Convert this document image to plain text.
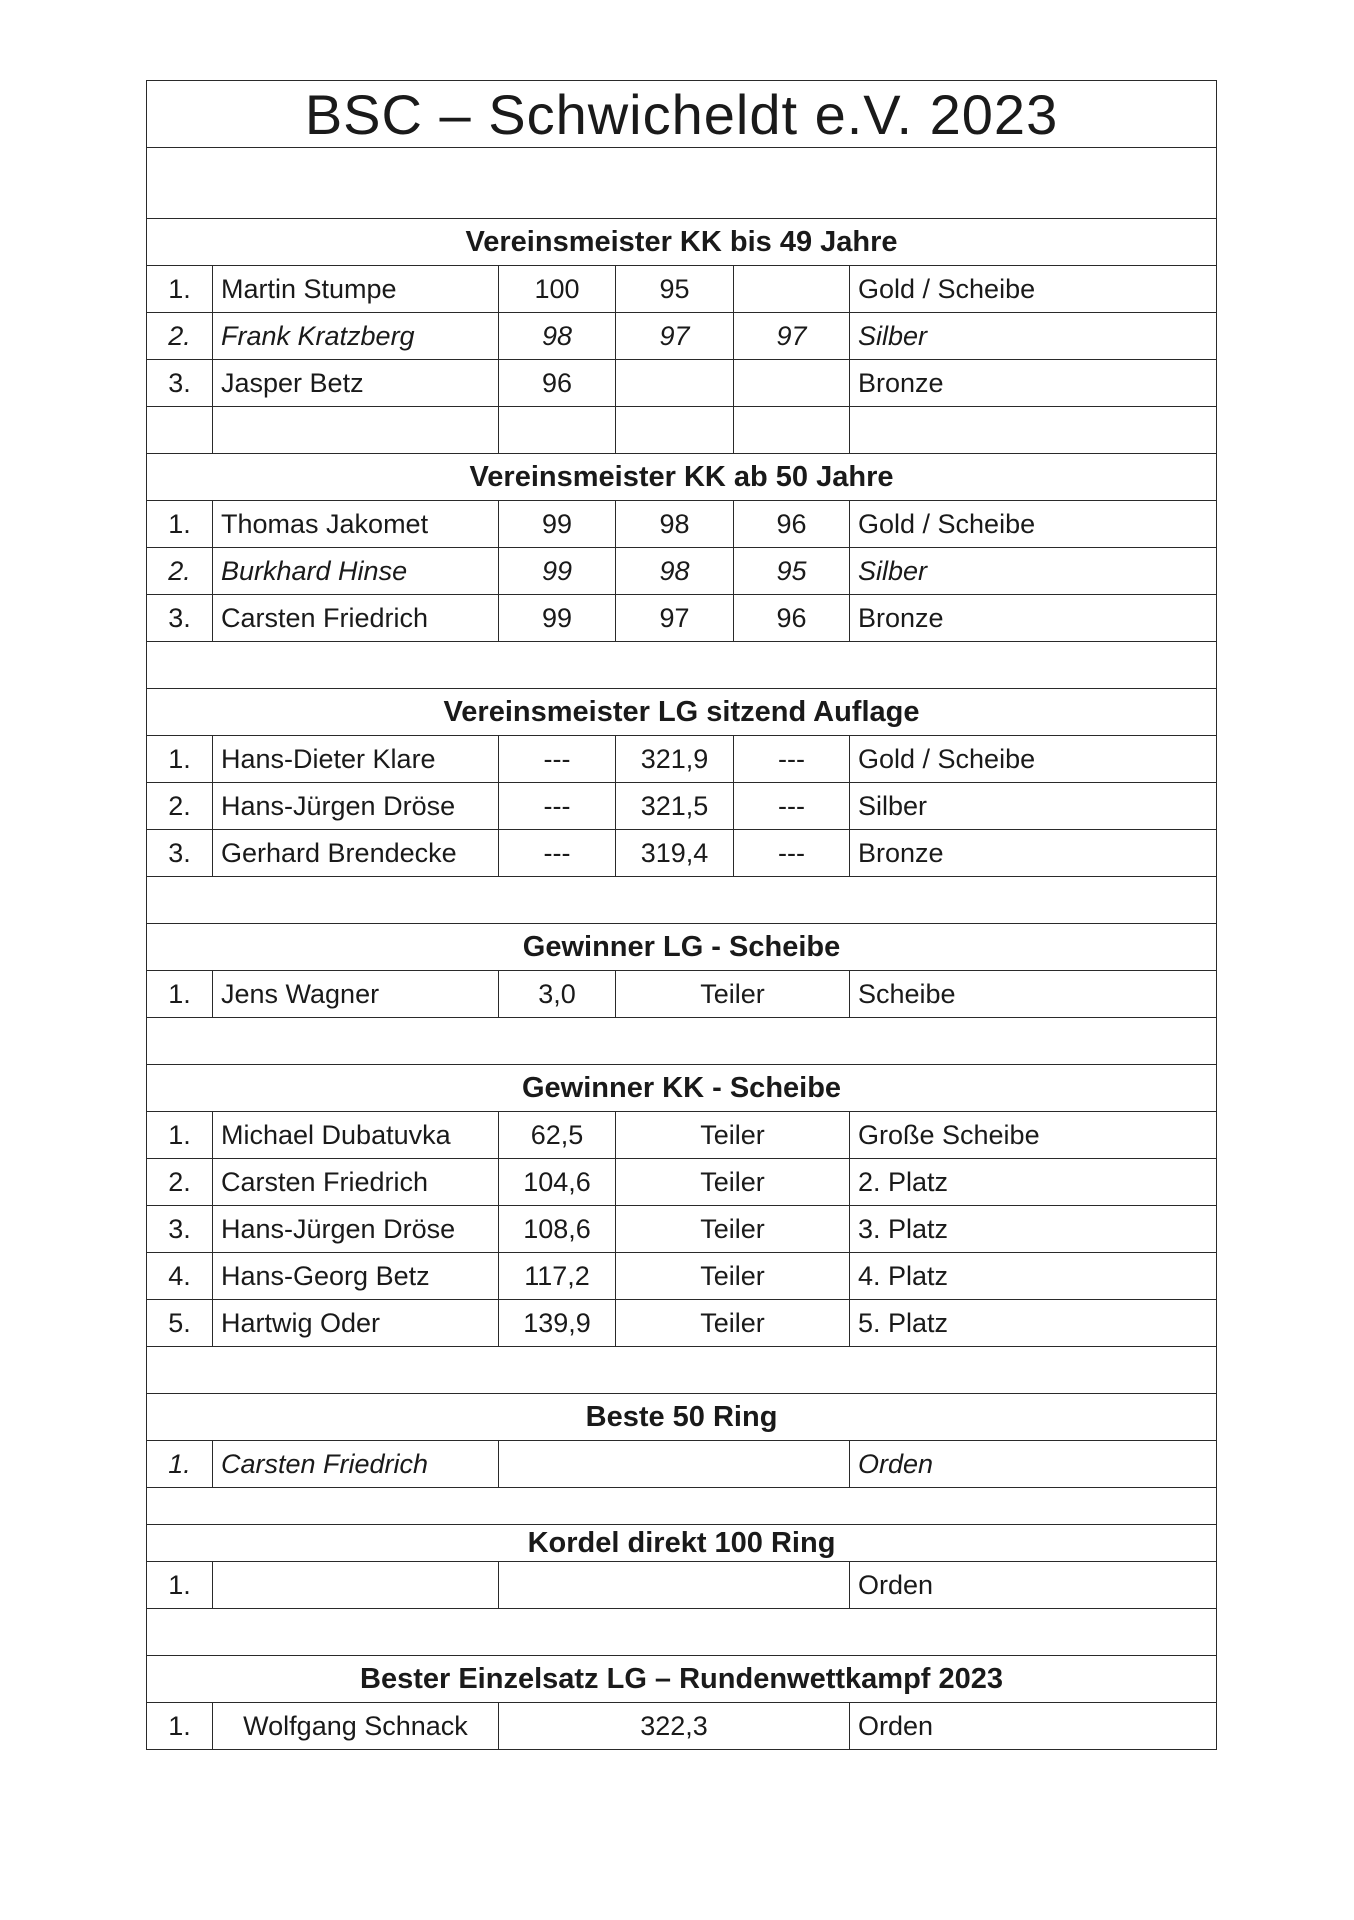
BSC – Schwicheldt e.V. 2023					

Vereinsmeister KK bis 49 Jahre					
1.	Martin Stumpe	100	95		Gold / Scheibe
2.	Frank Kratzberg	98	97	97	Silber
3.	Jasper Betz	96			Bronze

Vereinsmeister KK ab 50 Jahre					
1.	Thomas Jakomet	99	98	96	Gold / Scheibe
2.	Burkhard Hinse	99	98	95	Silber
3.	Carsten Friedrich	99	97	96	Bronze

Vereinsmeister LG sitzend Auflage					
1.	Hans-Dieter Klare	---	321,9	---	Gold / Scheibe
2.	Hans-Jürgen Dröse	---	321,5	---	Silber
3.	Gerhard Brendecke	---	319,4	---	Bronze

Gewinner LG - Scheibe					
1.	Jens Wagner	3,0	Teiler		Scheibe

Gewinner KK - Scheibe					
1.	Michael Dubatuvka	62,5	Teiler		Große Scheibe
2.	Carsten Friedrich	104,6	Teiler		2. Platz
3.	Hans-Jürgen Dröse	108,6	Teiler		3. Platz
4.	Hans-Georg Betz	117,2	Teiler		4. Platz
5.	Hartwig Oder	139,9	Teiler		5. Platz

Beste 50 Ring					
1.	Carsten Friedrich				Orden

Kordel direkt 100 Ring					
1.					Orden

Bester Einzelsatz LG – Rundenwettkampf 2023					
1.	Wolfgang Schnack	322,3			Orden
